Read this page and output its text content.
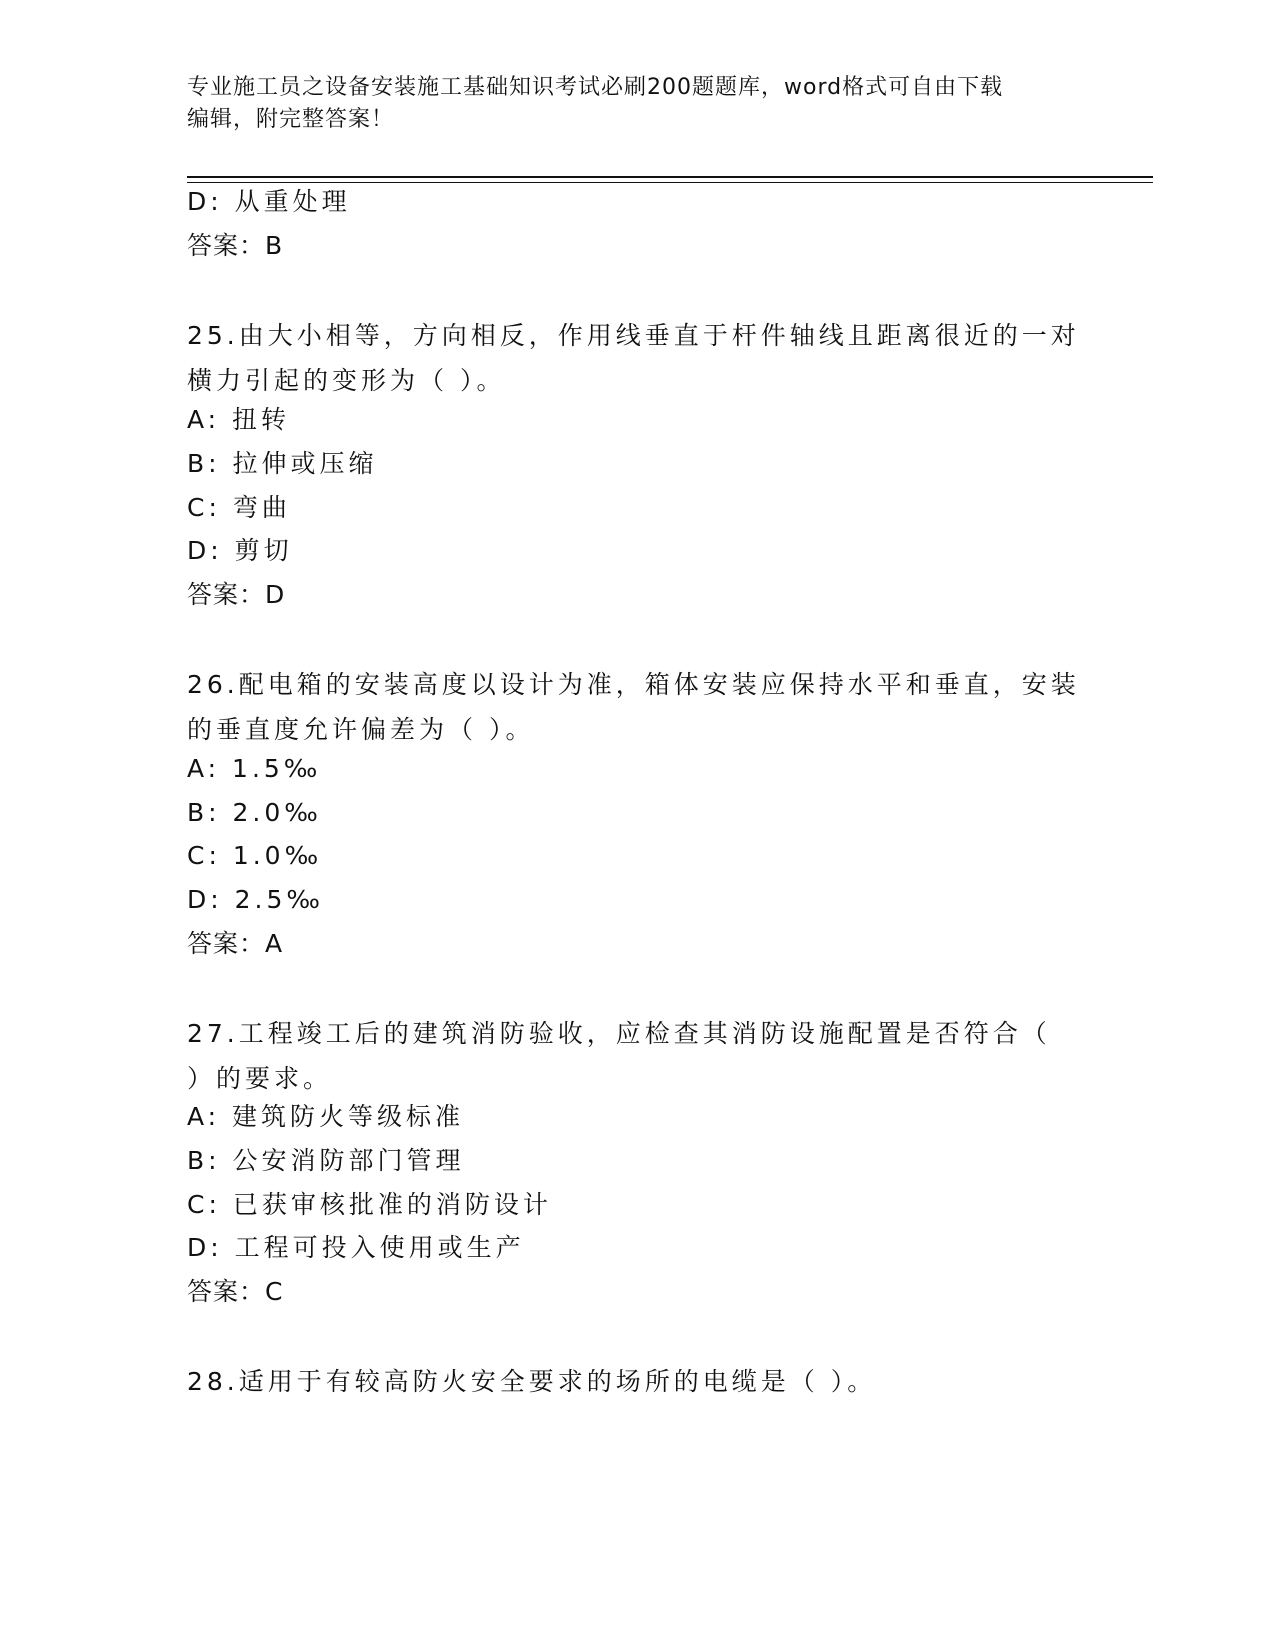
专业施工员之设备安装施工基础知识考试必刷200题题库，word格式可自由下载
编辑，附完整答案！
D: 从重处理
答案：B
25.由大小相等，方向相反，作用线垂直于杆件轴线且距离很近的一对
横力引起的变形为（ ）。
A: 扭转
B: 拉伸或压缩
C: 弯曲
D: 剪切
答案：D
26.配电箱的安装高度以设计为准，箱体安装应保持水平和垂直，安装
的垂直度允许偏差为（ ）。
A: 1.5‰
B: 2.0‰
C: 1.0‰
D: 2.5‰
答案：A
27.工程竣工后的建筑消防验收，应检查其消防设施配置是否符合（
）的要求。
A: 建筑防火等级标准
B: 公安消防部门管理
C: 已获审核批准的消防设计
D: 工程可投入使用或生产
答案：C
28.适用于有较高防火安全要求的场所的电缆是（ ）。
